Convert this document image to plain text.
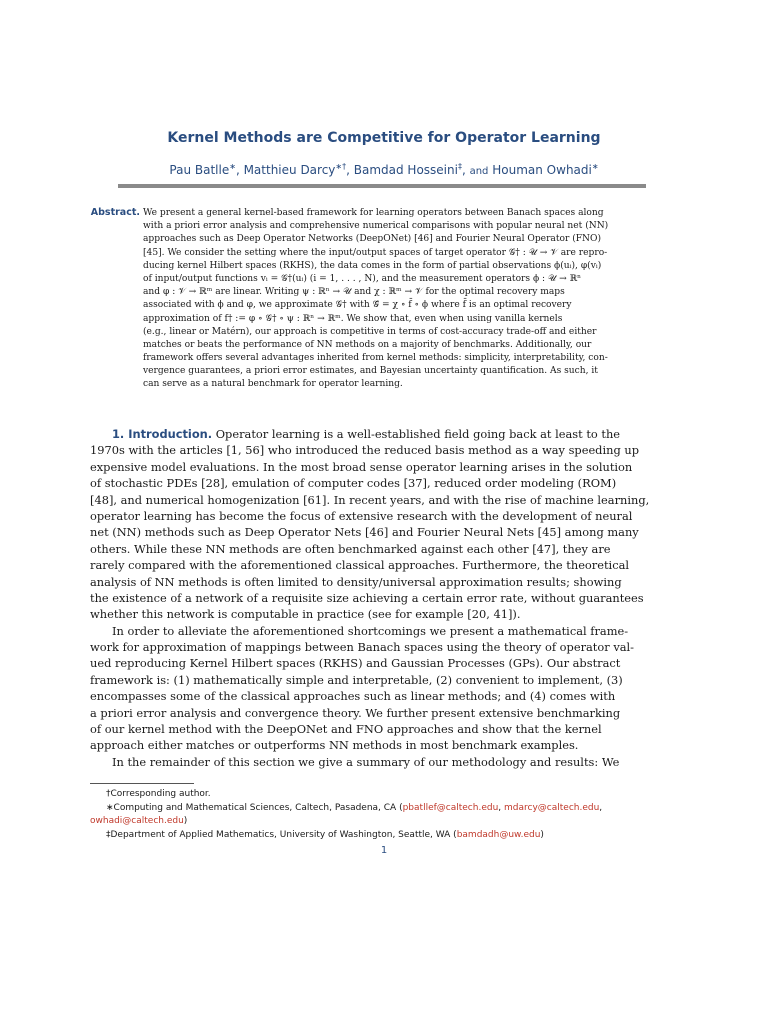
Kernel Methods are Competitive for Operator Learning
Pau Batlle∗, Matthieu Darcy∗†, Bamdad Hosseini‡, and Houman Owhadi∗
Abstract. We present a general kernel-based framework for learning operators between Banach spaces along
with a priori error analysis and comprehensive numerical comparisons with popular neural net (NN)
approaches such as Deep Operator Networks (DeepONet) [46] and Fourier Neural Operator (FNO)
[45]. We consider the setting where the input/output spaces of target operator 𝒢† : 𝒰 → 𝒱 are repro-
ducing kernel Hilbert spaces (RKHS), the data comes in the form of partial observations ϕ(uᵢ), φ(vᵢ)
of input/output functions vᵢ = 𝒢†(uᵢ) (i = 1, . . . , N), and the measurement operators ϕ : 𝒰 → ℝⁿ
and φ : 𝒱 → ℝᵐ are linear. Writing ψ : ℝⁿ → 𝒰 and χ : ℝᵐ → 𝒱 for the optimal recovery maps
associated with ϕ and φ, we approximate 𝒢† with 𝒢̄ = χ ∘ f̄ ∘ ϕ where f̄ is an optimal recovery
approximation of f† := φ ∘ 𝒢† ∘ ψ : ℝⁿ → ℝᵐ. We show that, even when using vanilla kernels
(e.g., linear or Matérn), our approach is competitive in terms of cost-accuracy trade-off and either
matches or beats the performance of NN methods on a majority of benchmarks. Additionally, our
framework offers several advantages inherited from kernel methods: simplicity, interpretability, con-
vergence guarantees, a priori error estimates, and Bayesian uncertainty quantification. As such, it
can serve as a natural benchmark for operator learning.
1. Introduction. Operator learning is a well-established field going back at least to the
1970s with the articles [1, 56] who introduced the reduced basis method as a way speeding up
expensive model evaluations. In the most broad sense operator learning arises in the solution
of stochastic PDEs [28], emulation of computer codes [37], reduced order modeling (ROM)
[48], and numerical homogenization [61]. In recent years, and with the rise of machine learning,
operator learning has become the focus of extensive research with the development of neural
net (NN) methods such as Deep Operator Nets [46] and Fourier Neural Nets [45] among many
others. While these NN methods are often benchmarked against each other [47], they are
rarely compared with the aforementioned classical approaches. Furthermore, the theoretical
analysis of NN methods is often limited to density/universal approximation results; showing
the existence of a network of a requisite size achieving a certain error rate, without guarantees
whether this network is computable in practice (see for example [20, 41]).
In order to alleviate the aforementioned shortcomings we present a mathematical frame-
work for approximation of mappings between Banach spaces using the theory of operator val-
ued reproducing Kernel Hilbert spaces (RKHS) and Gaussian Processes (GPs). Our abstract
framework is: (1) mathematically simple and interpretable, (2) convenient to implement, (3)
encompasses some of the classical approaches such as linear methods; and (4) comes with
a priori error analysis and convergence theory. We further present extensive benchmarking
of our kernel method with the DeepONet and FNO approaches and show that the kernel
approach either matches or outperforms NN methods in most benchmark examples.
In the remainder of this section we give a summary of our methodology and results: We
†Corresponding author.
∗Computing and Mathematical Sciences, Caltech, Pasadena, CA (pbatllef@caltech.edu, mdarcy@caltech.edu,
owhadi@caltech.edu)
‡Department of Applied Mathematics, University of Washington, Seattle, WA (bamdadh@uw.edu)
1
